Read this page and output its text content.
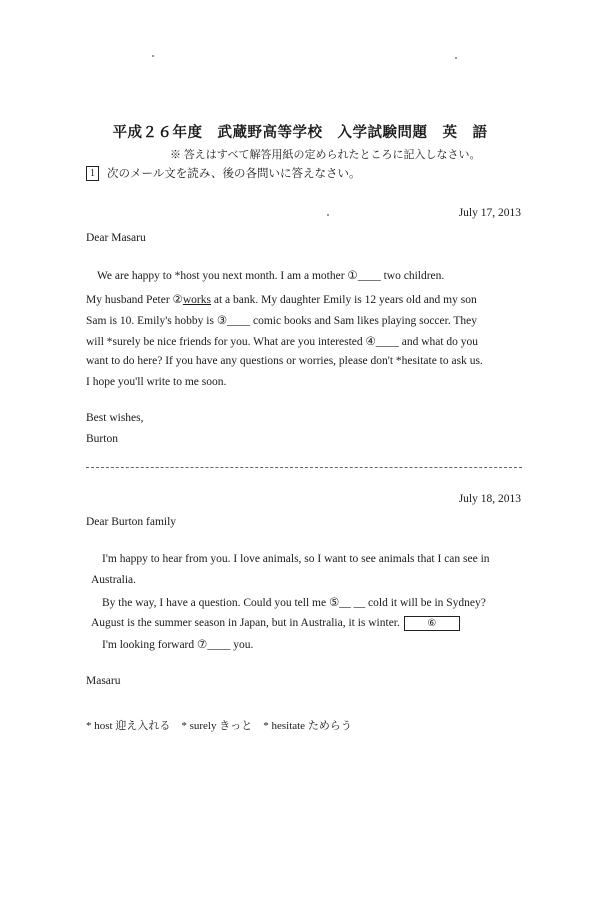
平成２６年度　武蔵野高等学校　入学試験問題　英　語
※ 答えはすべて解答用紙の定められたところに記入しなさい。
1	次のメール文を読み、後の各問いに答えなさい。
July 17, 2013
Dear Masaru
We are happy to *host you next month. I am a mother ①____ two children.
My husband Peter ②works at a bank. My daughter Emily is 12 years old and my son
Sam is 10. Emily's hobby is ③____ comic books and Sam likes playing soccer. They
will *surely be nice friends for you. What are you interested ④____ and what do you
want to do here? If you have any questions or worries, please don't *hesitate to ask us.
I hope you'll write to me soon.
Best wishes,
Burton
July 18, 2013
Dear Burton family
I'm happy to hear from you. I love animals, so I want to see animals that I can see in
Australia.
By the way, I have a question. Could you tell me ⑤__ __ cold it will be in Sydney?
August is the summer season in Japan, but in Australia, it is winter.	⑥
I'm looking forward ⑦____ you.
Masaru
* host 迎え入れる　* surely きっと　* hesitate ためらう
